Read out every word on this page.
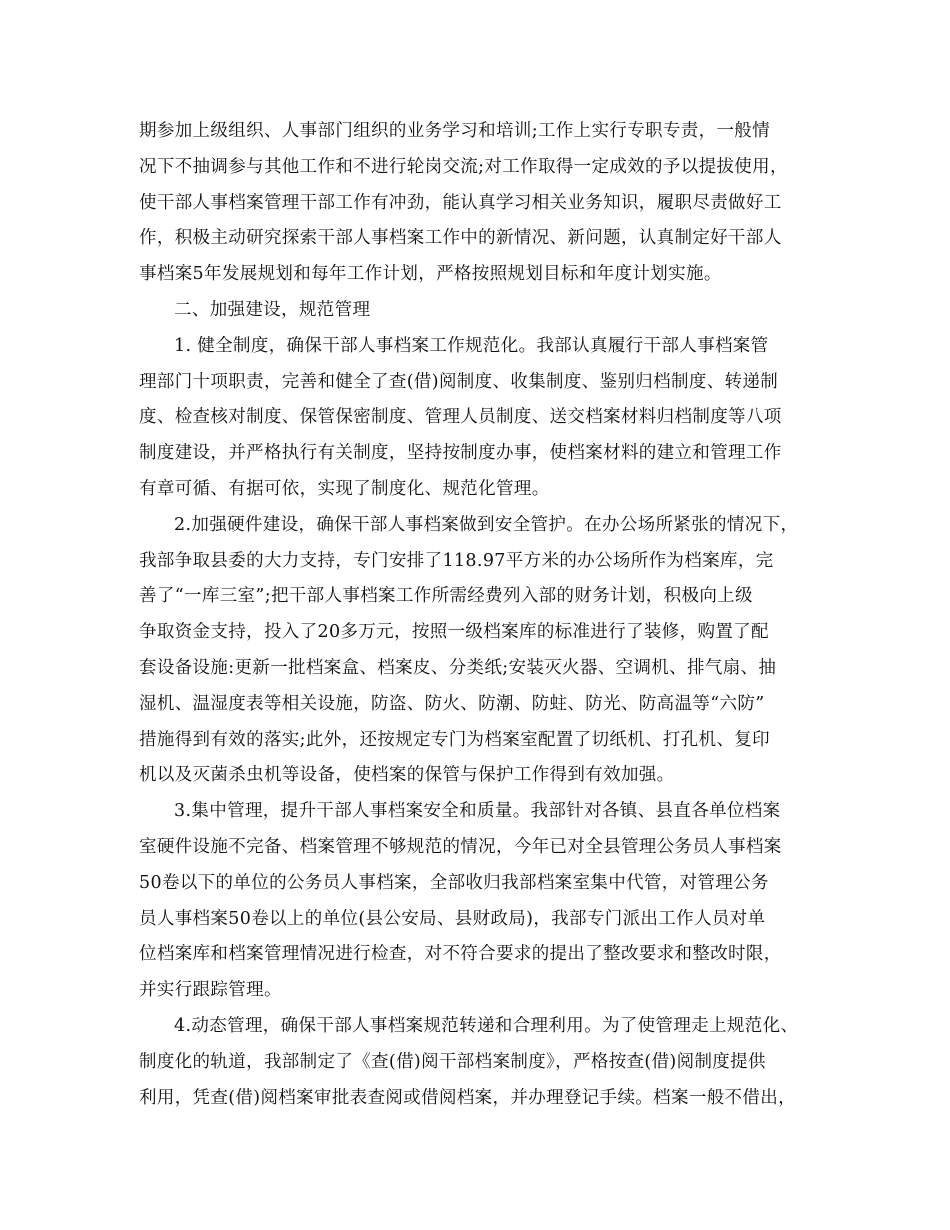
期参加上级组织、人事部门组织的业务学习和培训;工作上实行专职专责，一般情
况下不抽调参与其他工作和不进行轮岗交流;对工作取得一定成效的予以提拔使用，
使干部人事档案管理干部工作有冲劲，能认真学习相关业务知识，履职尽责做好工
作，积极主动研究探索干部人事档案工作中的新情况、新问题，认真制定好干部人
事档案5年发展规划和每年工作计划，严格按照规划目标和年度计划实施。
二、加强建设，规范管理
1. 健全制度，确保干部人事档案工作规范化。我部认真履行干部人事档案管
理部门十项职责，完善和健全了查(借)阅制度、收集制度、鉴别归档制度、转递制
度、检查核对制度、保管保密制度、管理人员制度、送交档案材料归档制度等八项
制度建设，并严格执行有关制度，坚持按制度办事，使档案材料的建立和管理工作
有章可循、有据可依，实现了制度化、规范化管理。
2.加强硬件建设，确保干部人事档案做到安全管护。在办公场所紧张的情况下，
我部争取县委的大力支持，专门安排了118.97平方米的办公场所作为档案库，完
善了“一库三室”;把干部人事档案工作所需经费列入部的财务计划，积极向上级
争取资金支持，投入了20多万元，按照一级档案库的标准进行了装修，购置了配
套设备设施:更新一批档案盒、档案皮、分类纸;安装灭火器、空调机、排气扇、抽
湿机、温湿度表等相关设施，防盗、防火、防潮、防蛀、防光、防高温等“六防”
措施得到有效的落实;此外，还按规定专门为档案室配置了切纸机、打孔机、复印
机以及灭菌杀虫机等设备，使档案的保管与保护工作得到有效加强。
3.集中管理，提升干部人事档案安全和质量。我部针对各镇、县直各单位档案
室硬件设施不完备、档案管理不够规范的情况，今年已对全县管理公务员人事档案
50卷以下的单位的公务员人事档案，全部收归我部档案室集中代管，对管理公务
员人事档案50卷以上的单位(县公安局、县财政局)，我部专门派出工作人员对单
位档案库和档案管理情况进行检查，对不符合要求的提出了整改要求和整改时限，
并实行跟踪管理。
4.动态管理，确保干部人事档案规范转递和合理利用。为了使管理走上规范化、
制度化的轨道，我部制定了《查(借)阅干部档案制度》，严格按查(借)阅制度提供
利用，凭查(借)阅档案审批表查阅或借阅档案，并办理登记手续。档案一般不借出，
